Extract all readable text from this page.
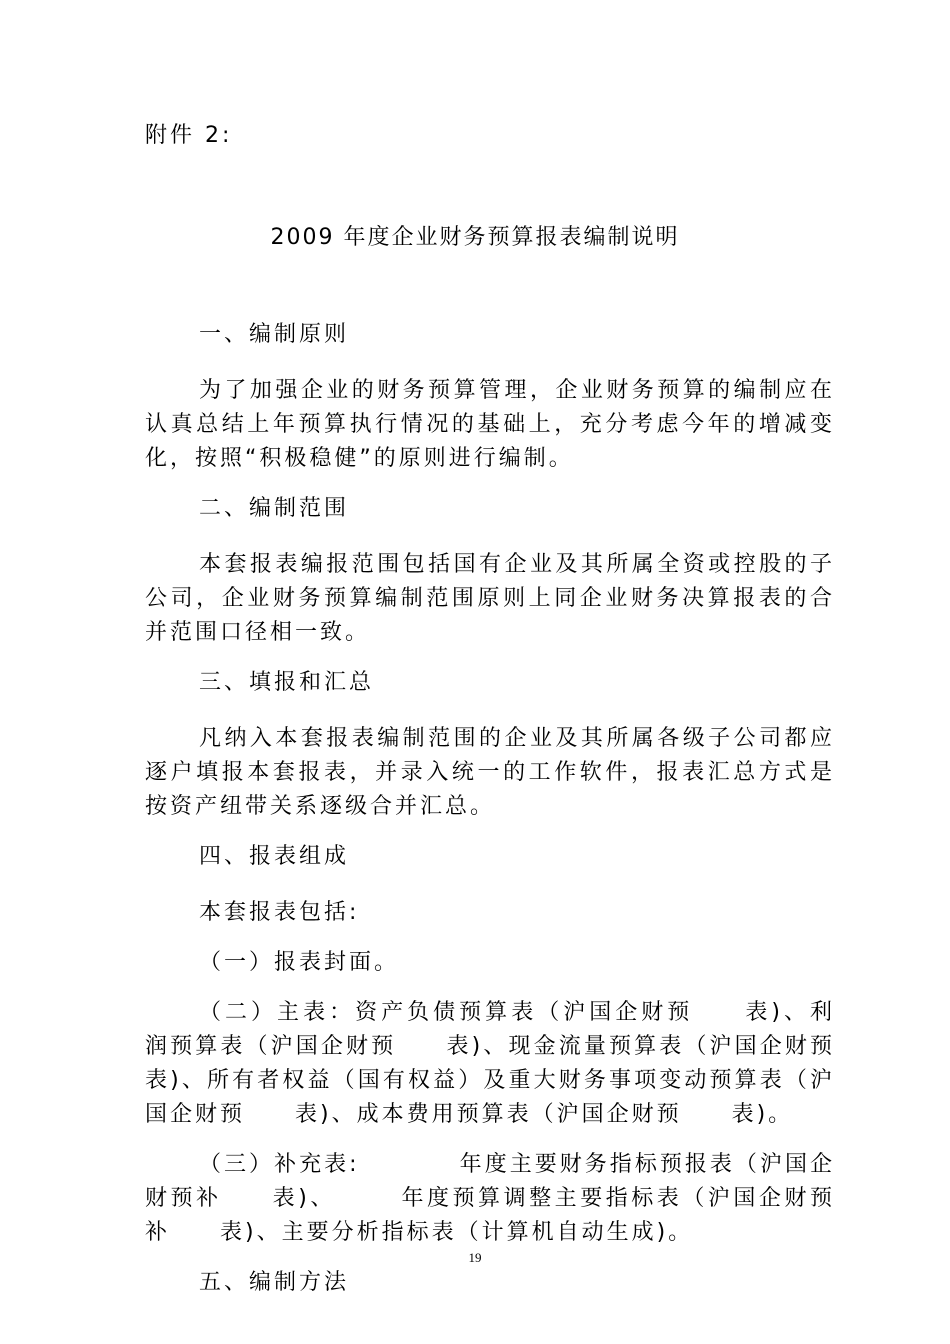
附件 2:
2009 年度企业财务预算报表编制说明
一、编制原则

为了加强企业的财务预算管理，企业财务预算的编制应在认真总结上年预算执行情况的基础上，充分考虑今年的增减变化，按照“积极稳健”的原则进行编制。

二、编制范围

本套报表编报范围包括国有企业及其所属全资或控股的子公司，企业财务预算编制范围原则上同企业财务决算报表的合并范围口径相一致。

三、填报和汇总

凡纳入本套报表编制范围的企业及其所属各级子公司都应逐户填报本套报表，并录入统一的工作软件，报表汇总方式是按资产纽带关系逐级合并汇总。

四、报表组成
本套报表包括:
（一）报表封面。

（二）主表：资产负债预算表（沪国企财预　　表)、利润预算表（沪国企财预　　表)、现金流量预算表（沪国企财预　　表)、所有者权益（国有权益）及重大财务事项变动预算表（沪国企财预　　表)、成本费用预算表（沪国企财预　　表)。

（三）补充表:　　　　年度主要财务指标预报表（沪国企财预补　　表)、　　　年度预算调整主要指标表（沪国企财预补　　表)、主要分析指标表（计算机自动生成)。

五、编制方法
19
